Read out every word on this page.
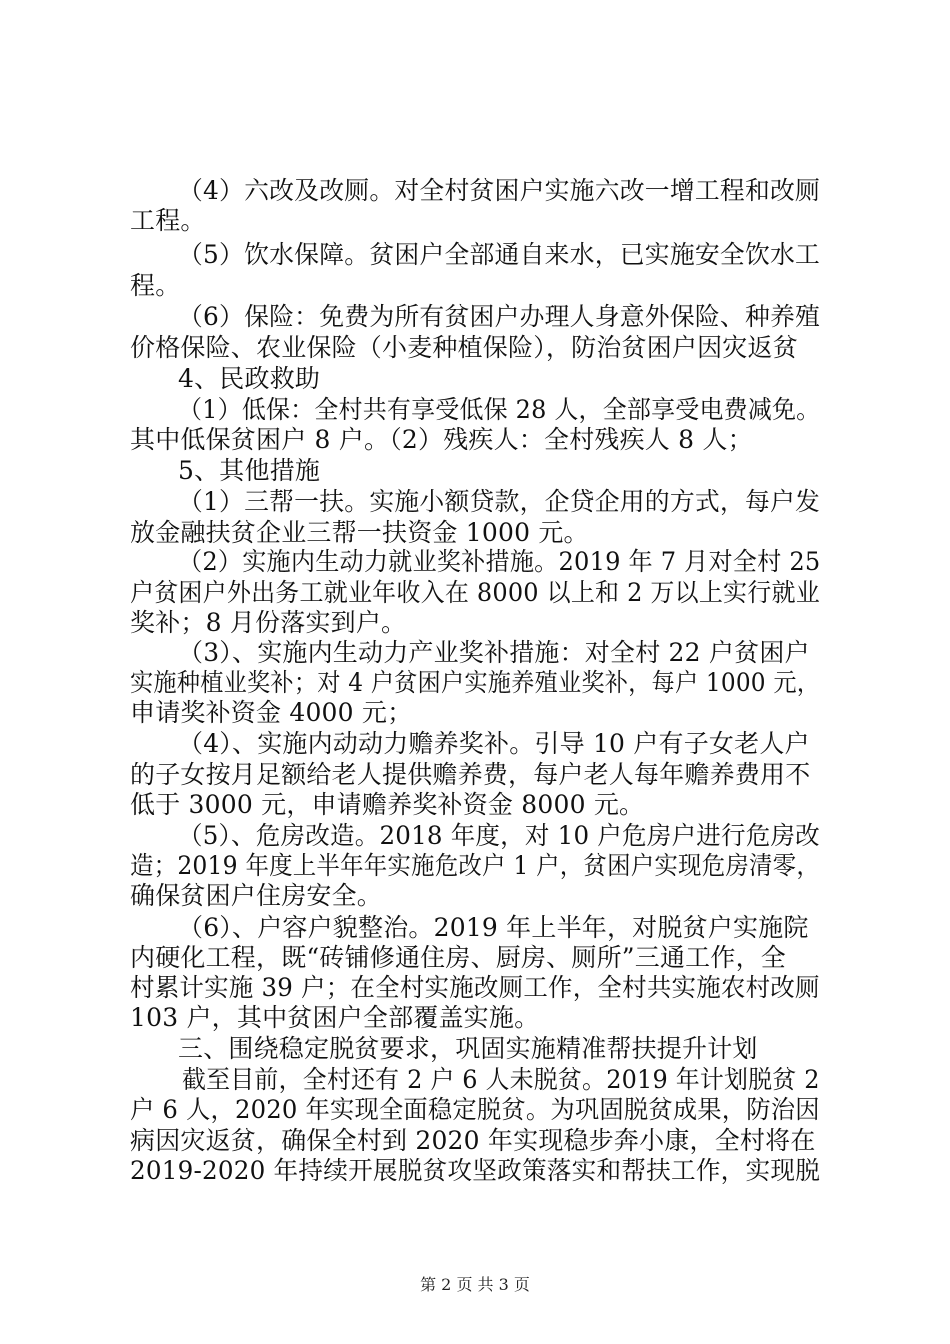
（4）六改及改厕。对全村贫困户实施六改一增工程和改厕
工程。
（5）饮水保障。贫困户全部通自来水，已实施安全饮水工
程。
（6）保险：免费为所有贫困户办理人身意外保险、种养殖
价格保险、农业保险（小麦种植保险），防治贫困户因灾返贫
4、民政救助
（1）低保：全村共有享受低保 28 人，全部享受电费减免。
其中低保贫困户 8 户。（2）残疾人：全村残疾人 8 人；
5、其他措施
（1）三帮一扶。实施小额贷款，企贷企用的方式，每户发
放金融扶贫企业三帮一扶资金 1000 元。
（2）实施内生动力就业奖补措施。2019 年 7 月对全村 25
户贫困户外出务工就业年收入在 8000 以上和 2 万以上实行就业
奖补；8 月份落实到户。
（3）、实施内生动力产业奖补措施：对全村 22 户贫困户
实施种植业奖补；对 4 户贫困户实施养殖业奖补，每户 1000 元，
申请奖补资金 4000 元；
（4）、实施内动动力赡养奖补。引导 10 户有子女老人户
的子女按月足额给老人提供赡养费，每户老人每年赡养费用不
低于 3000 元，申请赡养奖补资金 8000 元。
（5）、危房改造。2018 年度，对 10 户危房户进行危房改
造；2019 年度上半年年实施危改户 1 户，贫困户实现危房清零，
确保贫困户住房安全。
（6）、户容户貌整治。2019 年上半年，对脱贫户实施院
内硬化工程，既“砖铺修通住房、厨房、厕所”三通工作，全
村累计实施 39 户；在全村实施改厕工作，全村共实施农村改厕
103 户，其中贫困户全部覆盖实施。
三、围绕稳定脱贫要求，巩固实施精准帮扶提升计划
截至目前，全村还有 2 户 6 人未脱贫。2019 年计划脱贫 2
户 6 人，2020 年实现全面稳定脱贫。为巩固脱贫成果，防治因
病因灾返贫，确保全村到 2020 年实现稳步奔小康，全村将在
2019-2020 年持续开展脱贫攻坚政策落实和帮扶工作，实现脱
第 2 页 共 3 页
